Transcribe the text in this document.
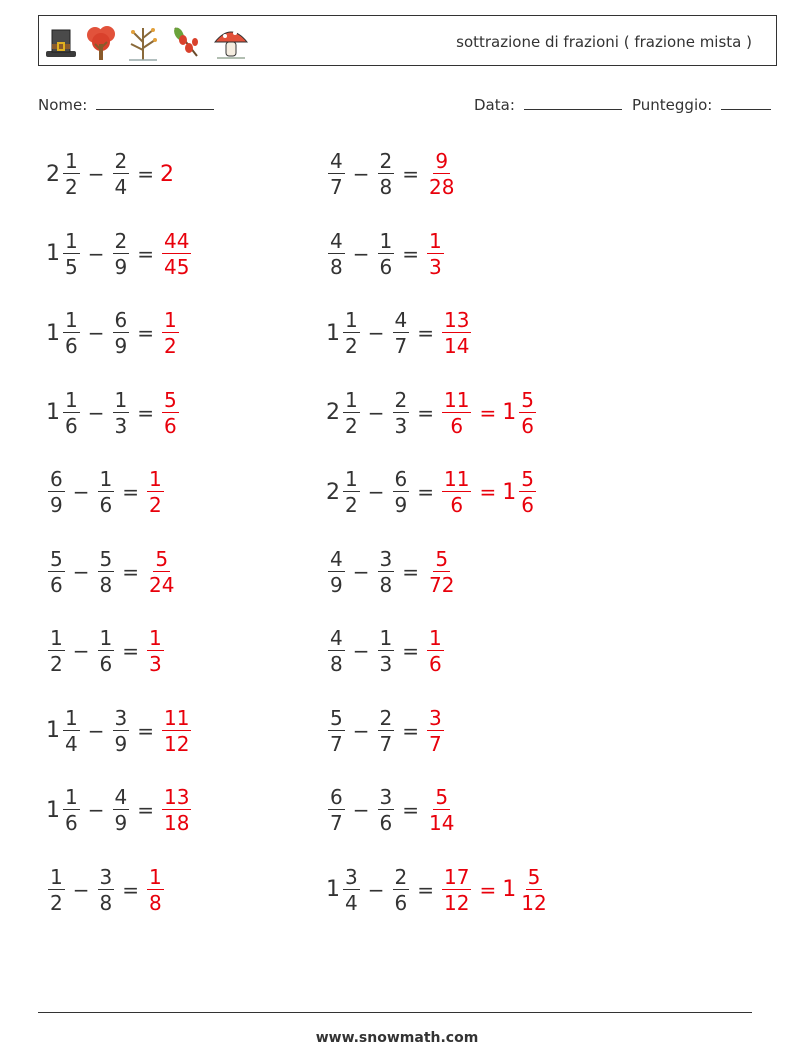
sottrazione di frazioni ( frazione mista )
Nome:	Data:	Punteggio:
$2 \frac{1}{2} - \frac{2}{4} = 2$	$\frac{4}{7} - \frac{2}{8} = \frac{9}{28}$
$1 \frac{1}{5} - \frac{2}{9} = \frac{44}{45}$	$\frac{4}{8} - \frac{1}{6} = \frac{1}{3}$
$1 \frac{1}{6} - \frac{6}{9} = \frac{1}{2}$	$1 \frac{1}{2} - \frac{4}{7} = \frac{13}{14}$
$1 \frac{1}{6} - \frac{1}{3} = \frac{5}{6}$	$2 \frac{1}{2} - \frac{2}{3} = \frac{11}{6} = 1 \frac{5}{6}$
$\frac{6}{9} - \frac{1}{6} = \frac{1}{2}$	$2 \frac{1}{2} - \frac{6}{9} = \frac{11}{6} = 1 \frac{5}{6}$
$\frac{5}{6} - \frac{5}{8} = \frac{5}{24}$	$\frac{4}{9} - \frac{3}{8} = \frac{5}{72}$
$\frac{1}{2} - \frac{1}{6} = \frac{1}{3}$	$\frac{4}{8} - \frac{1}{3} = \frac{1}{6}$
$1 \frac{1}{4} - \frac{3}{9} = \frac{11}{12}$	$\frac{5}{7} - \frac{2}{7} = \frac{3}{7}$
$1 \frac{1}{6} - \frac{4}{9} = \frac{13}{18}$	$\frac{6}{7} - \frac{3}{6} = \frac{5}{14}$
$\frac{1}{2} - \frac{3}{8} = \frac{1}{8}$	$1 \frac{3}{4} - \frac{2}{6} = \frac{17}{12} = 1 \frac{5}{12}$
www.snowmath.com
